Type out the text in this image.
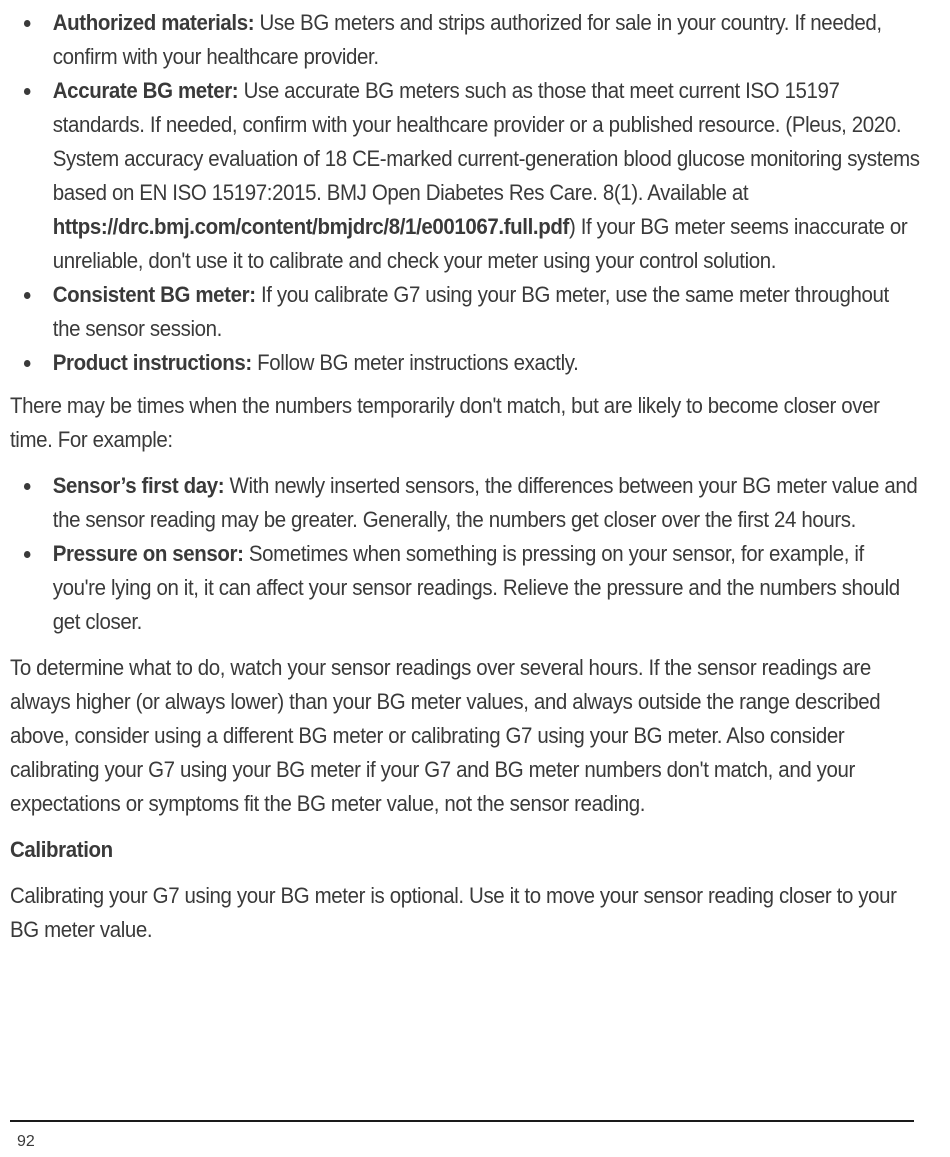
Authorized materials: Use BG meters and strips authorized for sale in your country. If needed, confirm with your healthcare provider.
Accurate BG meter: Use accurate BG meters such as those that meet current ISO 15197 standards. If needed, confirm with your healthcare provider or a published resource. (Pleus, 2020. System accuracy evaluation of 18 CE-marked current-generation blood glucose monitoring systems based on EN ISO 15197:2015. BMJ Open Diabetes Res Care. 8(1). Available at https://drc.bmj.com/content/bmjdrc/8/1/e001067.full.pdf) If your BG meter seems inaccurate or unreliable, don't use it to calibrate and check your meter using your control solution.
Consistent BG meter: If you calibrate G7 using your BG meter, use the same meter throughout the sensor session.
Product instructions: Follow BG meter instructions exactly.

There may be times when the numbers temporarily don't match, but are likely to become closer over time. For example:

Sensor’s first day: With newly inserted sensors, the differences between your BG meter value and the sensor reading may be greater. Generally, the numbers get closer over the first 24 hours.
Pressure on sensor: Sometimes when something is pressing on your sensor, for example, if you're lying on it, it can affect your sensor readings. Relieve the pressure and the numbers should get closer.

To determine what to do, watch your sensor readings over several hours. If the sensor readings are always higher (or always lower) than your BG meter values, and always outside the range described above, consider using a different BG meter or calibrating G7 using your BG meter. Also consider calibrating your G7 using your BG meter if your G7 and BG meter numbers don't match, and your expectations or symptoms fit the BG meter value, not the sensor reading.

Calibration

Calibrating your G7 using your BG meter is optional. Use it to move your sensor reading closer to your BG meter value.

92
